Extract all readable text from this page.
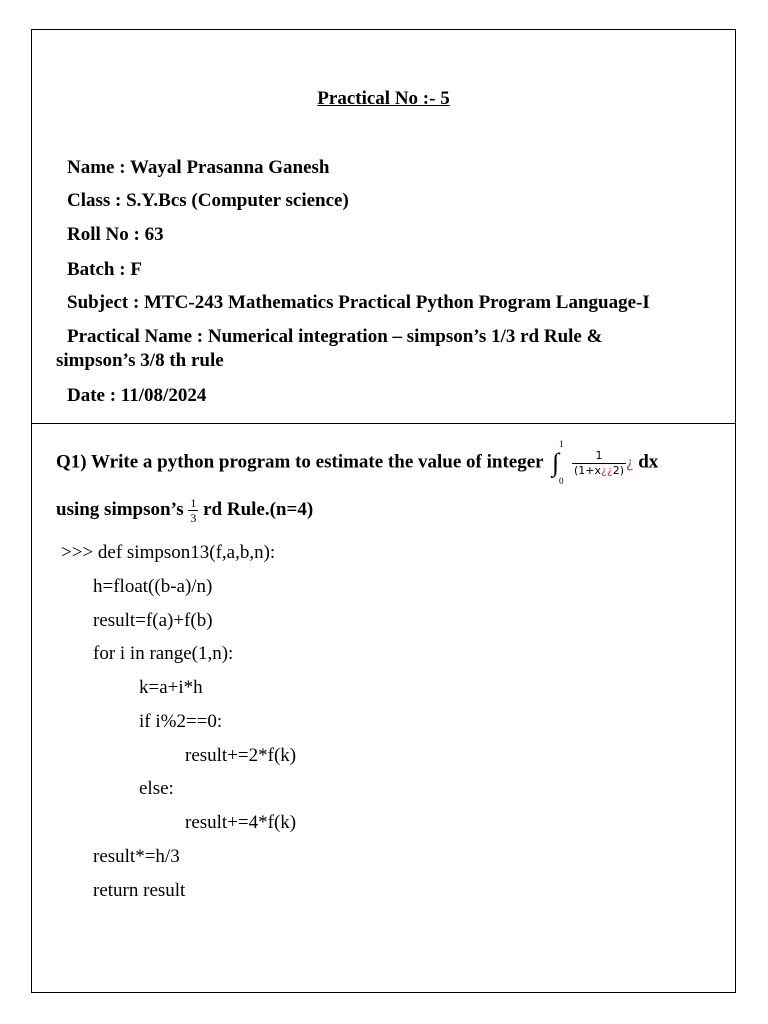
Practical No :- 5
Name : Wayal Prasanna Ganesh
Class : S.Y.Bcs (Computer science)
Roll No : 63
Batch : F
Subject : MTC-243 Mathematics Practical Python Program Language-I
Practical Name : Numerical integration – simpson’s 1/3 rd Rule &
simpson’s 3/8 th rule
Date : 11/08/2024
Q1) Write a python program to estimate the value of integer ∫
1
0
$\frac{1}{(1+x¿¿2)}$ ¿ dx
using simpson’s $\frac{1}{3}$ rd Rule.(n=4)
>>> def simpson13(f,a,b,n):
h=float((b-a)/n)
result=f(a)+f(b)
for i in range(1,n):
k=a+i*h
if i%2==0:
result+=2*f(k)
else:
result+=4*f(k)
result*=h/3
return result
